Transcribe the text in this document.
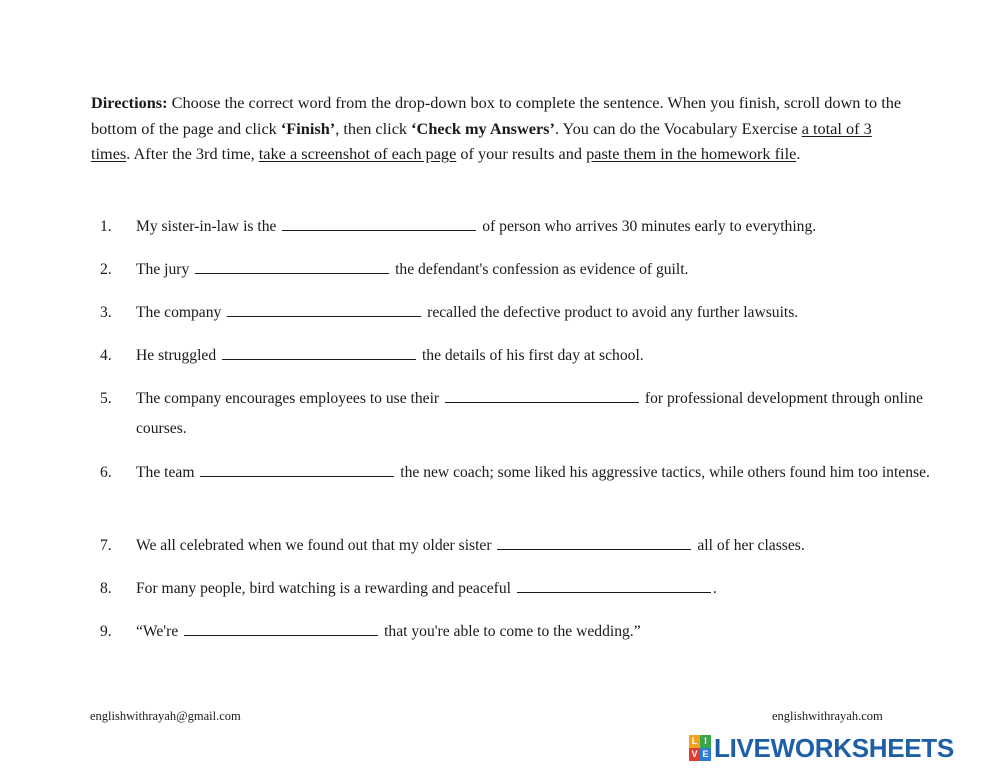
Directions: Choose the correct word from the drop-down box to complete the sentence. When you finish, scroll down to the bottom of the page and click ‘Finish’, then click ‘Check my Answers’. You can do the Vocabulary Exercise a total of 3 times. After the 3rd time, take a screenshot of each page of your results and paste them in the homework file.
1.	My sister-in-law is the	of person who arrives 30 minutes early to everything.
2.	The jury	the defendant's confession as evidence of guilt.
3.	The company	recalled the defective product to avoid any further lawsuits.
4.	He struggled	the details of his first day at school.
5.	The company encourages employees to use their	for professional development through online courses.
6.	The team	the new coach; some liked his aggressive tactics, while others found him too intense.
7.	We all celebrated when we found out that my older sister	all of her classes.
8.	For many people, bird watching is a rewarding and peaceful	.
9.	“We're	that you're able to come to the wedding.”
englishwithrayah@gmail.com	englishwithrayah.com
L I
V E LIVEWORKSHEETS
